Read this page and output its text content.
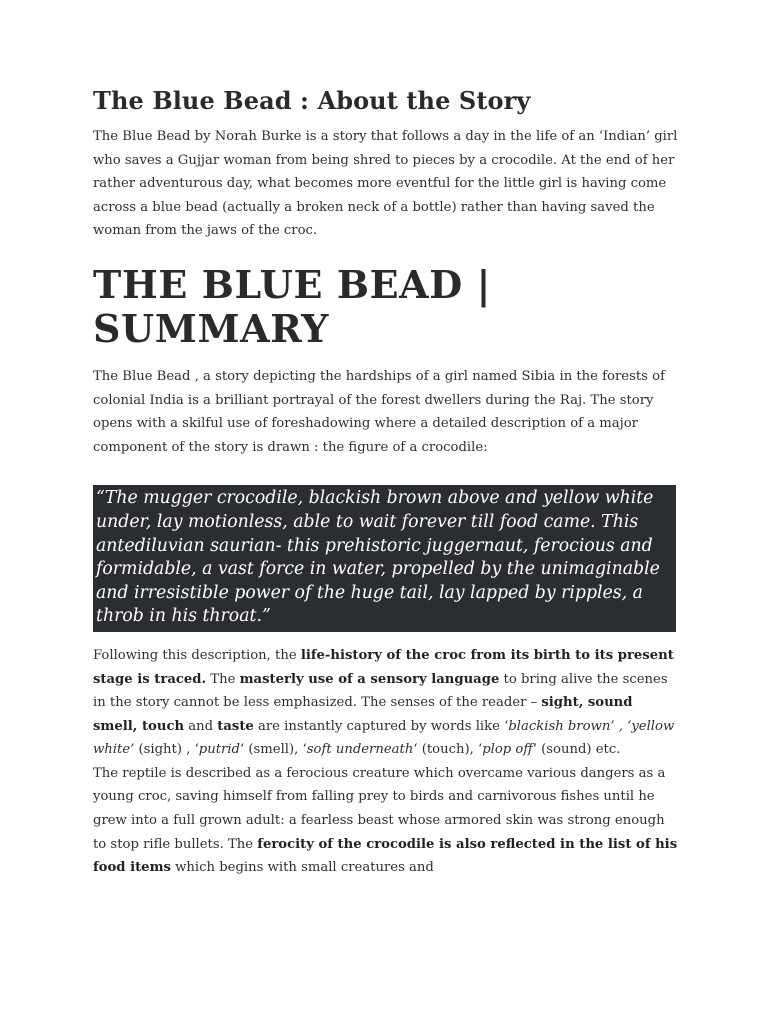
The Blue Bead : About the Story

The Blue Bead by Norah Burke is a story that follows a day in the life of an ‘Indian’ girl who saves a Gujjar woman from being shred to pieces by a crocodile. At the end of her rather adventurous day, what becomes more eventful for the little girl is having come across a blue bead (actually a broken neck of a bottle) rather than having saved the woman from the jaws of the croc.

THE BLUE BEAD | SUMMARY

The Blue Bead , a story depicting the hardships of a girl named Sibia in the forests of colonial India is a brilliant portrayal of the forest dwellers during the Raj. The story opens with a skilful use of foreshadowing where a detailed description of a major component of the story is drawn : the figure of a crocodile:

“The mugger crocodile, blackish brown above and yellow white under, lay motionless, able to wait forever till food came. This antediluvian saurian- this prehistoric juggernaut, ferocious and formidable, a vast force in water, propelled by the unimaginable and irresistible power of the huge tail, lay lapped by ripples, a throb in his throat.”

Following this description, the life-history of the croc from its birth to its present stage is traced. The masterly use of a sensory language to bring alive the scenes in the story cannot be less emphasized. The senses of the reader – sight, sound smell, touch and taste are instantly captured by words like ‘blackish brown’ , ‘yellow white’ (sight) , ‘putrid‘ (smell), ‘soft underneath‘ (touch), ‘plop off‘ (sound) etc.

The reptile is described as a ferocious creature which overcame various dangers as a young croc, saving himself from falling prey to birds and carnivorous fishes until he grew into a full grown adult: a fearless beast whose armored skin was strong enough to stop rifle bullets. The ferocity of the crocodile is also reflected in the list of his food items which begins with small creatures and
